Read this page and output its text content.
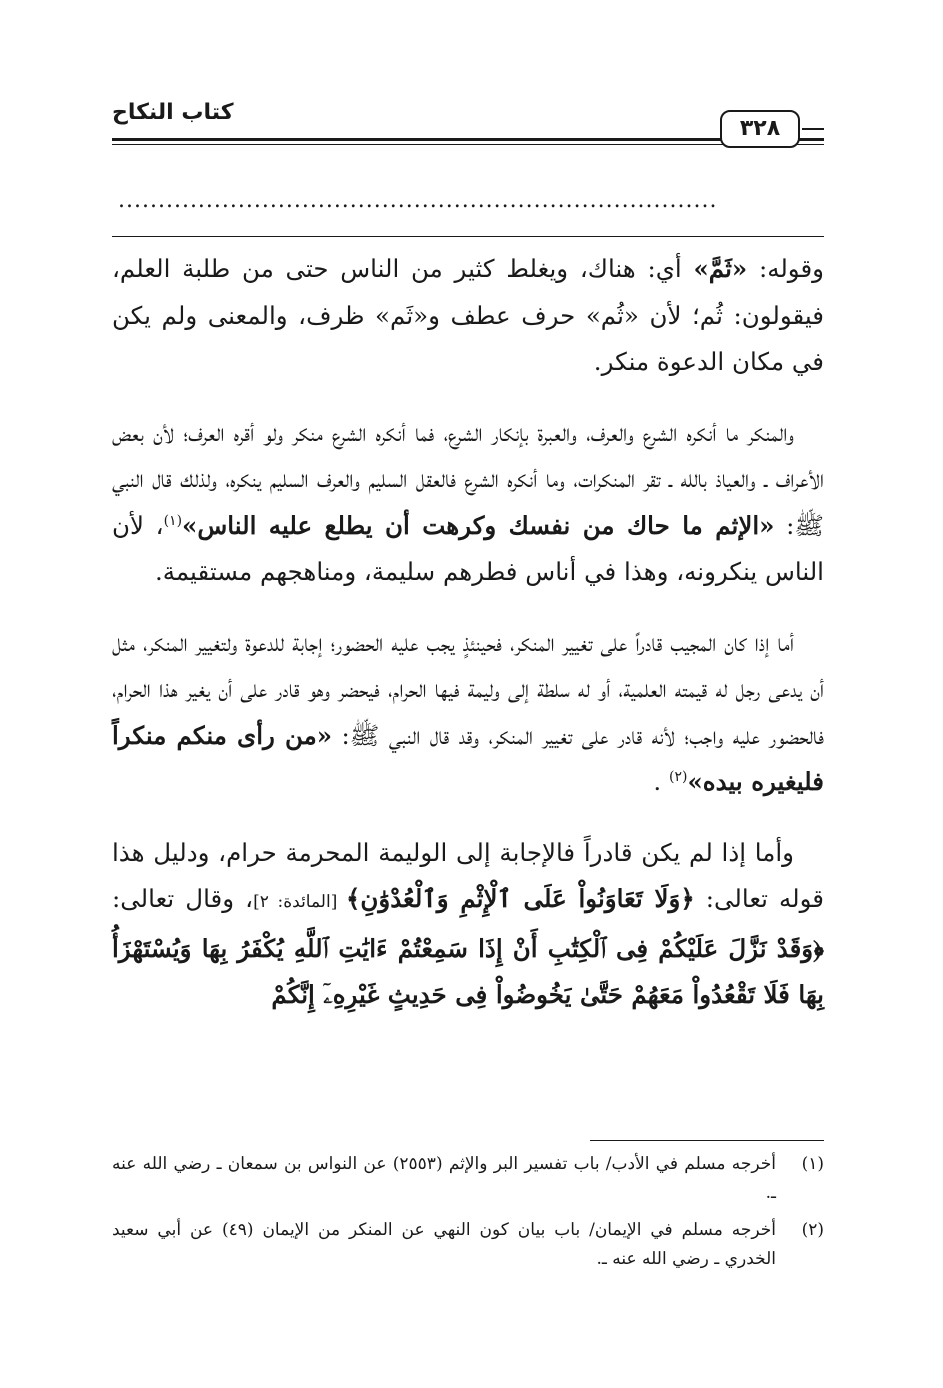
كتاب النكاح
٣٢٨
...........................................................................

وقوله: «ثَمَّ» أي: هناك، ويغلط كثير من الناس حتى من طلبة العلم، فيقولون: ثُم؛ لأن «ثُم» حرف عطف و«ثَم» ظرف، والمعنى ولم يكن في مكان الدعوة منكر.

والمنكر ما أنكره الشرع والعرف، والعبرة بإنكار الشرع، فما أنكره الشرع منكر ولو أقره العرف؛ لأن بعض الأعراف ـ والعياذ بالله ـ تقر المنكرات، وما أنكره الشرع فالعقل السليم والعرف السليم ينكره، ولذلك قال النبي ﷺ: «الإثم ما حاك من نفسك وكرهت أن يطلع عليه الناس»$^{(١)}$، لأن الناس ينكرونه، وهذا في أناس فطرهم سليمة، ومناهجهم مستقيمة.

أما إذا كان المجيب قادراً على تغيير المنكر، فحينئذٍ يجب عليه الحضور؛ إجابة للدعوة ولتغيير المنكر، مثل أن يدعى رجل له قيمته العلمية، أو له سلطة إلى وليمة فيها الحرام، فيحضر وهو قادر على أن يغير هذا الحرام، فالحضور عليه واجب؛ لأنه قادر على تغيير المنكر، وقد قال النبي ﷺ: «من رأى منكم منكراً فليغيره بيده»$^{(٢)}$ .

وأما إذا لم يكن قادراً فالإجابة إلى الوليمة المحرمة حرام، ودليل هذا قوله تعالى: ﴿وَلَا تَعَاوَنُواْ عَلَى ٱلْإِثْمِ وَٱلْعُدْوَٰنِ﴾ [المائدة: ٢]، وقال تعالى: ﴿وَقَدْ نَزَّلَ عَلَيْكُمْ فِى ٱلْكِتَٰبِ أَنْ إِذَا سَمِعْتُمْ ءَايَٰتِ ٱللَّهِ يُكْفَرُ بِهَا وَيُسْتَهْزَأُ بِهَا فَلَا تَقْعُدُواْ مَعَهُمْ حَتَّىٰ يَخُوضُواْ فِى حَدِيثٍ غَيْرِهِۦٓ إِنَّكُمْ

(١)
أخرجه مسلم في الأدب/ باب تفسير البر والإثم (٢٥٥٣) عن النواس بن سمعان ـ رضي الله عنه ـ.
(٢)
أخرجه مسلم في الإيمان/ باب بيان كون النهي عن المنكر من الإيمان (٤٩) عن أبي سعيد الخدري ـ رضي الله عنه ـ.
